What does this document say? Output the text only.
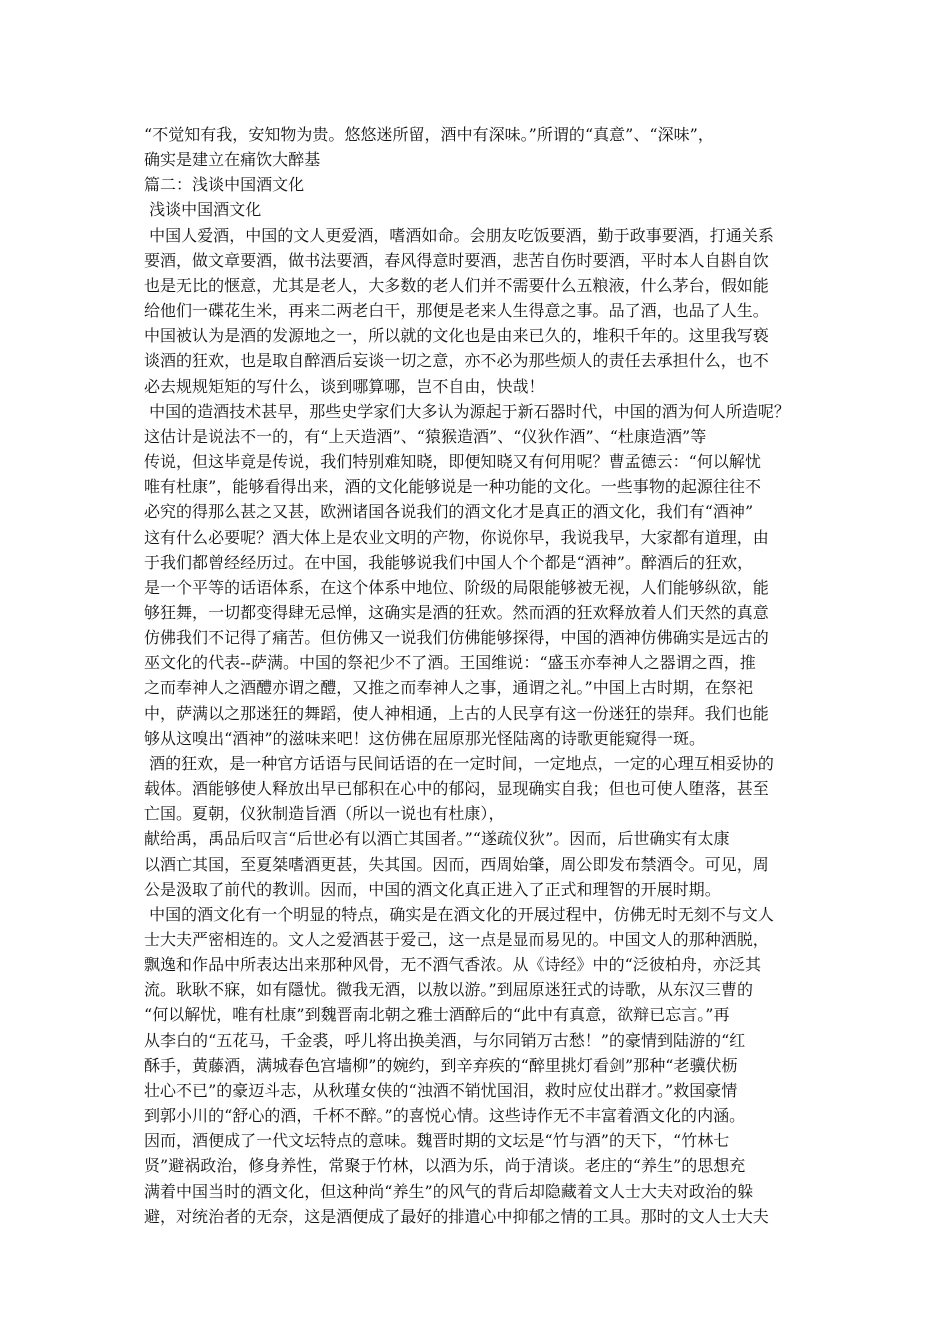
“不觉知有我，安知物为贵。悠悠迷所留，酒中有深味。”所谓的“真意”、“深味”，
确实是建立在痛饮大醉基
篇二：浅谈中国酒文化
浅谈中国酒文化
中国人爱酒，中国的文人更爱酒，嗜酒如命。会朋友吃饭要酒，勤于政事要酒，打通关系
要酒，做文章要酒，做书法要酒，春风得意时要酒，悲苦自伤时要酒，平时本人自斟自饮
也是无比的惬意，尤其是老人，大多数的老人们并不需要什么五粮液，什么茅台，假如能
给他们一碟花生米，再来二两老白干，那便是老来人生得意之事。品了酒，也品了人生。
中国被认为是酒的发源地之一，所以就的文化也是由来已久的，堆积千年的。这里我写亵
谈酒的狂欢，也是取自醉酒后妄谈一切之意，亦不必为那些烦人的责任去承担什么，也不
必去规规矩矩的写什么，谈到哪算哪，岂不自由，快哉！
中国的造酒技术甚早，那些史学家们大多认为源起于新石器时代，中国的酒为何人所造呢？
这估计是说法不一的，有“上天造酒”、“猿猴造酒”、“仪狄作酒”、“杜康造酒”等
传说，但这毕竟是传说，我们特别难知晓，即便知晓又有何用呢？曹孟德云：“何以解忧
唯有杜康”，能够看得出来，酒的文化能够说是一种功能的文化。一些事物的起源往往不
必究的得那么甚之又甚，欧洲诸国各说我们的酒文化才是真正的酒文化，我们有“酒神”
这有什么必要呢？酒大体上是农业文明的产物，你说你早，我说我早，大家都有道理，由
于我们都曾经经历过。在中国，我能够说我们中国人个个都是“酒神”。醉酒后的狂欢，
是一个平等的话语体系，在这个体系中地位、阶级的局限能够被无视，人们能够纵欲，能
够狂舞，一切都变得肆无忌惮，这确实是酒的狂欢。然而酒的狂欢释放着人们天然的真意
仿佛我们不记得了痛苦。但仿佛又一说我们仿佛能够探得，中国的酒神仿佛确实是远古的
巫文化的代表--萨满。中国的祭祀少不了酒。王国维说：“盛玉亦奉神人之器谓之酉，推
之而奉神人之酒醴亦谓之醴，又推之而奉神人之事，通谓之礼。”中国上古时期，在祭祀
中，萨满以之那迷狂的舞蹈，使人神相通，上古的人民享有这一份迷狂的崇拜。我们也能
够从这嗅出“酒神”的滋味来吧！这仿佛在屈原那光怪陆离的诗歌更能窥得一斑。
酒的狂欢，是一种官方话语与民间话语的在一定时间，一定地点，一定的心理互相妥协的
载体。酒能够使人释放出早已郁积在心中的郁闷，显现确实自我；但也可使人堕落，甚至
亡国。夏朝，仪狄制造旨酒（所以一说也有杜康），
献给禹，禹品后叹言“后世必有以酒亡其国者。”“遂疏仪狄”。因而，后世确实有太康
以酒亡其国，至夏桀嗜酒更甚，失其国。因而，西周始肇，周公即发布禁酒令。可见，周
公是汲取了前代的教训。因而，中国的酒文化真正进入了正式和理智的开展时期。
中国的酒文化有一个明显的特点，确实是在酒文化的开展过程中，仿佛无时无刻不与文人
士大夫严密相连的。文人之爱酒甚于爱己，这一点是显而易见的。中国文人的那种洒脱，
飘逸和作品中所表达出来那种风骨，无不酒气香浓。从《诗经》中的“泛彼柏舟，亦泛其
流。耿耿不寐，如有隱忧。微我无酒，以敖以游。”到屈原迷狂式的诗歌，从东汉三曹的
“何以解忧，唯有杜康”到魏晋南北朝之雅士酒醉后的“此中有真意，欲辩已忘言。”再
从李白的“五花马，千金裘，呼儿将出换美酒，与尔同销万古愁！”的豪情到陆游的“红
酥手，黄藤酒，满城春色宫墙柳”的婉约，到辛弃疾的“醉里挑灯看剑”那种“老骥伏枥
壮心不已”的豪迈斗志，从秋瑾女侠的“浊酒不销忧国泪，救时应仗出群才。”救国豪情
到郭小川的“舒心的酒，千杯不醉。”的喜悦心情。这些诗作无不丰富着酒文化的内涵。
因而，酒便成了一代文坛特点的意味。魏晋时期的文坛是“竹与酒”的天下，“竹林七
贤”避祸政治，修身养性，常聚于竹林，以酒为乐，尚于清谈。老庄的“养生”的思想充
满着中国当时的酒文化，但这种尚“养生”的风气的背后却隐藏着文人士大夫对政治的躲
避，对统治者的无奈，这是酒便成了最好的排遣心中抑郁之情的工具。那时的文人士大夫
